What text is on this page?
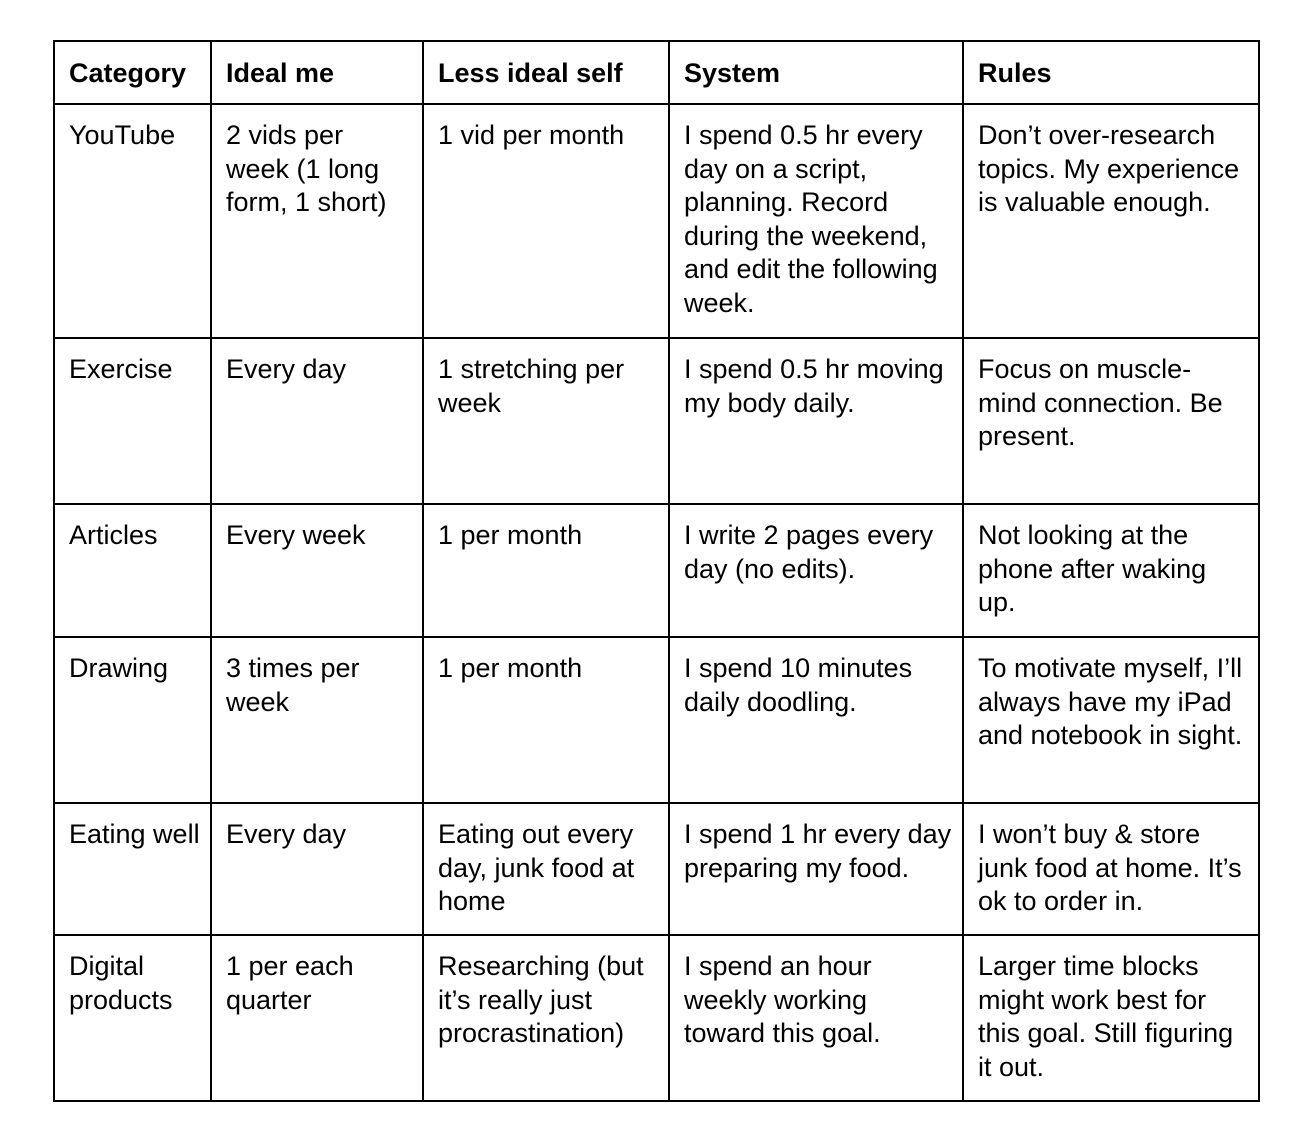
Category	Ideal me	Less ideal self	System	Rules
YouTube	2 vids per week (1 long form, 1 short)	1 vid per month	I spend 0.5 hr every day on a script, planning. Record during the weekend, and edit the following week.	Don’t over-research topics. My experience is valuable enough.
Exercise	Every day	1 stretching per week	I spend 0.5 hr moving my body daily.	Focus on muscle-mind connection. Be present.
Articles	Every week	1 per month	I write 2 pages every day (no edits).	Not looking at the phone after waking up.
Drawing	3 times per week	1 per month	I spend 10 minutes daily doodling.	To motivate myself, I’ll always have my iPad and notebook in sight.
Eating well	Every day	Eating out every day, junk food at home	I spend 1 hr every day preparing my food.	I won’t buy & store junk food at home. It’s ok to order in.
Digital products	1 per each quarter	Researching (but it’s really just procrastination)	I spend an hour weekly working toward this goal.	Larger time blocks might work best for this goal. Still figuring it out.
